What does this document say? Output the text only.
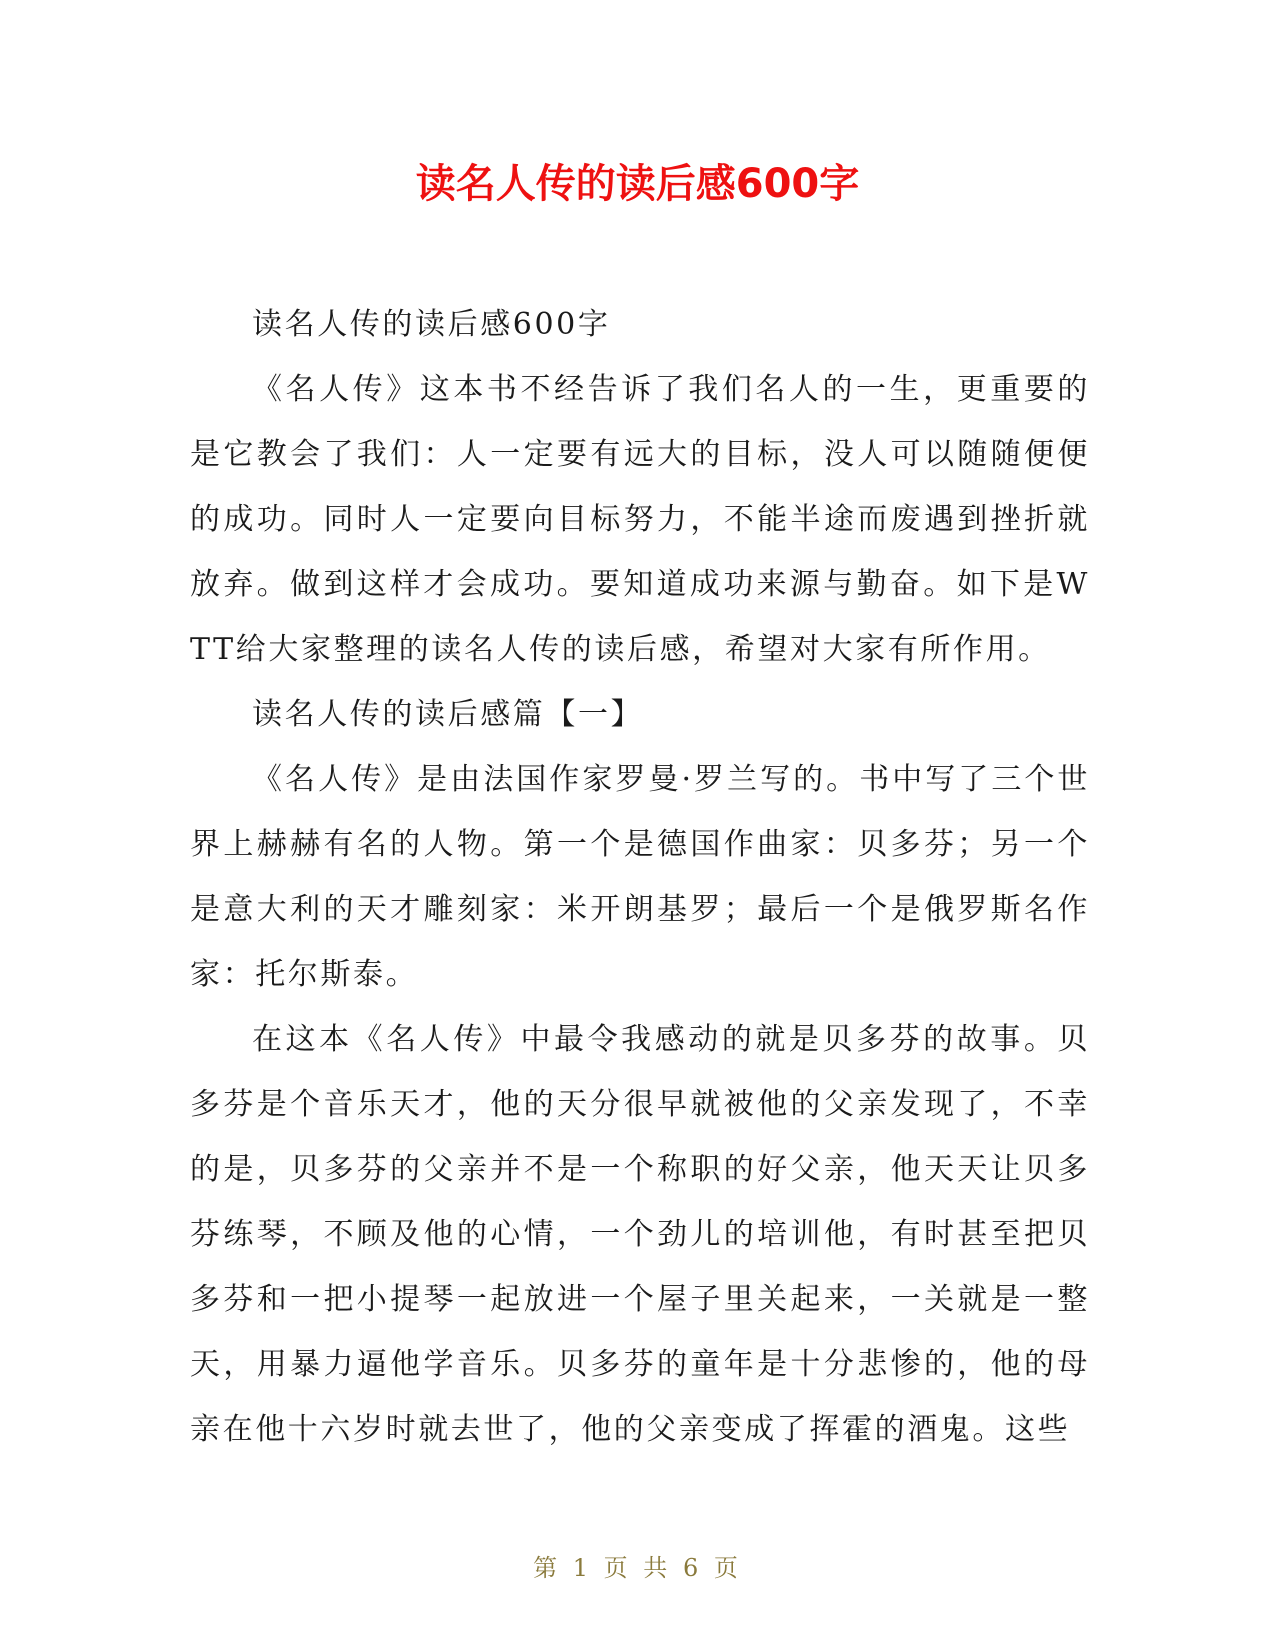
读名人传的读后感600字

读名人传的读后感600字

《名人传》这本书不经告诉了我们名人的一生，更重要的是它教会了我们：人一定要有远大的目标，没人可以随随便便的成功。同时人一定要向目标努力，不能半途而废遇到挫折就放弃。做到这样才会成功。要知道成功来源与勤奋。如下是WTT给大家整理的读名人传的读后感，希望对大家有所作用。

读名人传的读后感篇【一】

《名人传》是由法国作家罗曼·罗兰写的。书中写了三个世界上赫赫有名的人物。第一个是德国作曲家：贝多芬；另一个是意大利的天才雕刻家：米开朗基罗；最后一个是俄罗斯名作家：托尔斯泰。

在这本《名人传》中最令我感动的就是贝多芬的故事。贝多芬是个音乐天才，他的天分很早就被他的父亲发现了，不幸的是，贝多芬的父亲并不是一个称职的好父亲，他天天让贝多芬练琴，不顾及他的心情，一个劲儿的培训他，有时甚至把贝多芬和一把小提琴一起放进一个屋子里关起来，一关就是一整天，用暴力逼他学音乐。贝多芬的童年是十分悲惨的，他的母亲在他十六岁时就去世了，他的父亲变成了挥霍的酒鬼。这些

第 1 页 共 6 页
